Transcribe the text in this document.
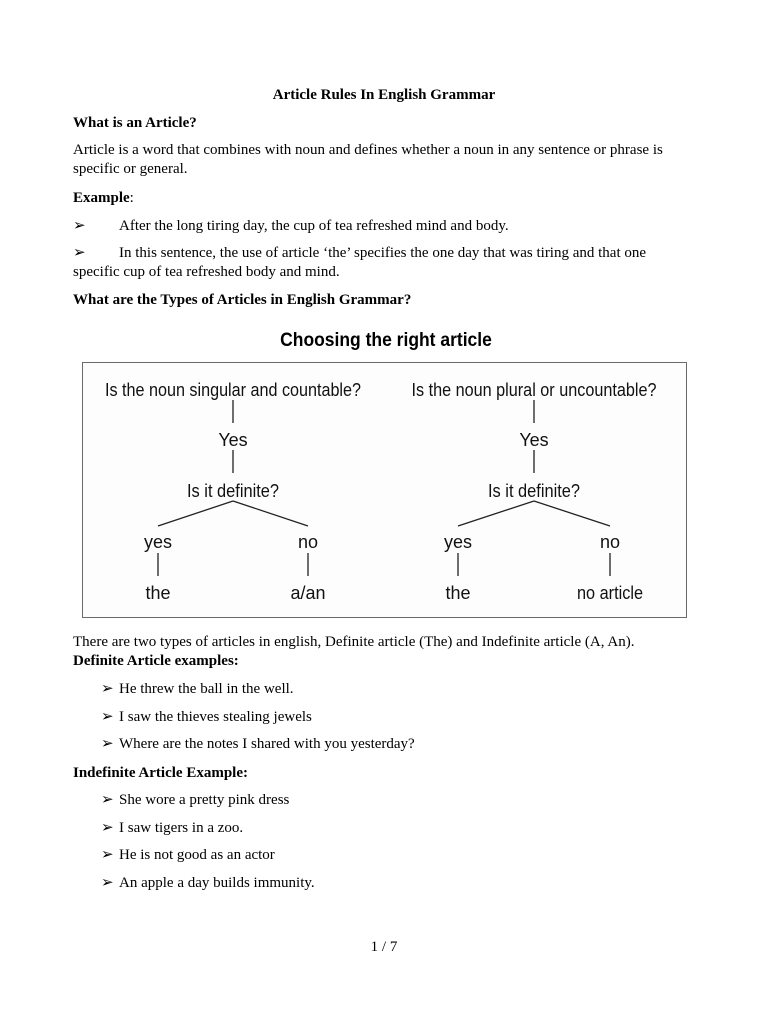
Article Rules In English Grammar
What is an Article?
Article is a word that combines with noun and defines whether a noun in any sentence or phrase is specific or general.
Example:
➢ After the long tiring day, the cup of tea refreshed mind and body.
➢ In this sentence, the use of article ‘the’ specifies the one day that was tiring and that one
specific cup of tea refreshed body and mind.
What are the Types of Articles in English Grammar?
Choosing the right article
Is the noun singular and countable?
Yes
Is it definite?
yes	no
the	a/an
Is the noun plural or uncountable?
Yes
Is it definite?
yes	no
the	no article
There are two types of articles in english, Definite article (The) and Indefinite article (A, An).
Definite Article examples:
➢ He threw the ball in the well.
➢ I saw the thieves stealing jewels
➢ Where are the notes I shared with you yesterday?
Indefinite Article Example:
➢ She wore a pretty pink dress
➢ I saw tigers in a zoo.
➢ He is not good as an actor
➢ An apple a day builds immunity.
1 / 7
